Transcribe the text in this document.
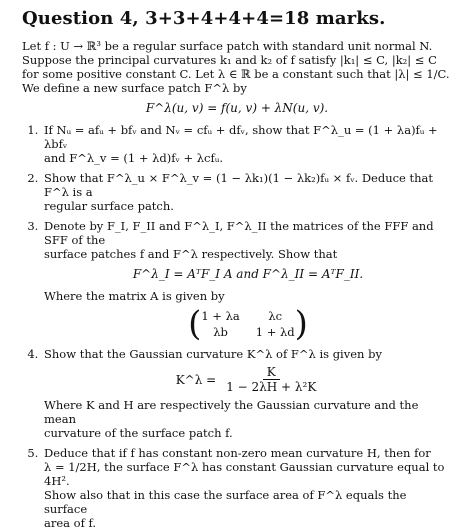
Question 4, 3+3+4+4+4=18 marks.

Let f : U → ℝ³ be a regular surface patch with standard unit normal N.
Suppose the principal curvatures k₁ and k₂ of f satisfy |k₁| ≤ C, |k₂| ≤ C
for some positive constant C. Let λ ∈ ℝ be a constant such that |λ| ≤ 1/C.
We define a new surface patch F^λ by

F^λ(u, v) = f(u, v) + λN(u, v).
1. If Nᵤ = afᵤ + bfᵥ and Nᵥ = cfᵤ + dfᵥ, show that F^λ_u = (1 + λa)fᵤ + λbfᵥ
and F^λ_v = (1 + λd)fᵥ + λcfᵤ.
2. Show that F^λ_u × F^λ_v = (1 − λk₁)(1 − λk₂)fᵤ × fᵥ. Deduce that F^λ is a
regular surface patch.
3. Denote by F_I, F_II and F^λ_I, F^λ_II the matrices of the FFF and SFF of the
surface patches f and F^λ respectively. Show that
F^λ_I = AᵀF_I A and F^λ_II = AᵀF_II.
Where the matrix A is given by
( 1 + λa	λc
λb	1 + λd )
4. Show that the Gaussian curvature K^λ of F^λ is given by
K^λ = $\frac{K}{\text{1 − 2λH + λ²K}}$
Where K and H are respectively the Gaussian curvature and the mean
curvature of the surface patch f.
5. Deduce that if f has constant non-zero mean curvature H, then for
λ = 1/2H, the surface F^λ has constant Gaussian curvature equal to 4H².
Show also that in this case the surface area of F^λ equals the surface
area of f.
